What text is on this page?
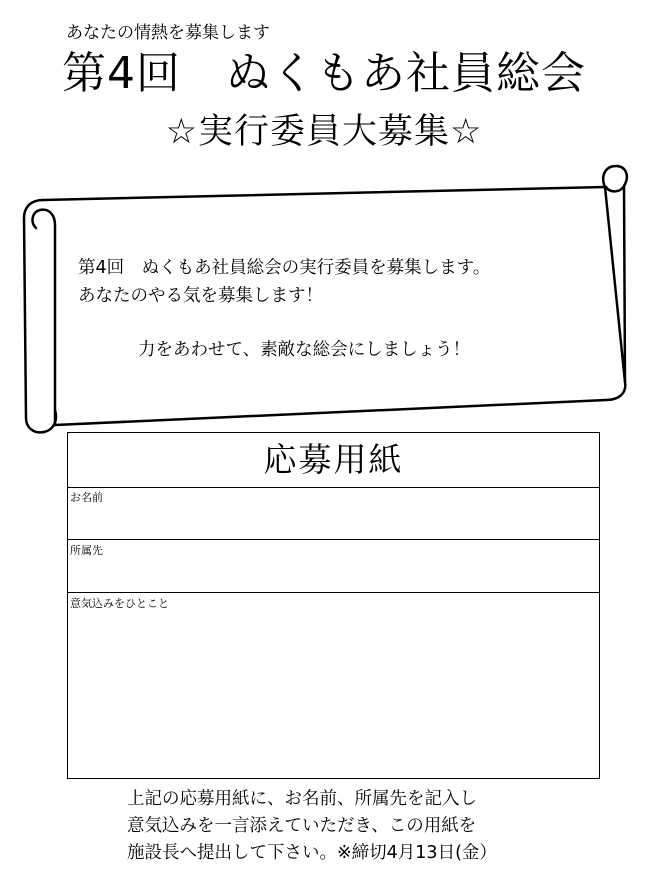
あなたの情熱を募集します
第4回　ぬくもあ社員総会
☆実行委員大募集☆
第4回　ぬくもあ社員総会の実行委員を募集します。
あなたのやる気を募集します！
力をあわせて、素敵な総会にしましょう！
応募用紙
お名前
所属先
意気込みをひとこと
上記の応募用紙に、お名前、所属先を記入し
意気込みを一言添えていただき、この用紙を
施設長へ提出して下さい。※締切4月13日(金）
